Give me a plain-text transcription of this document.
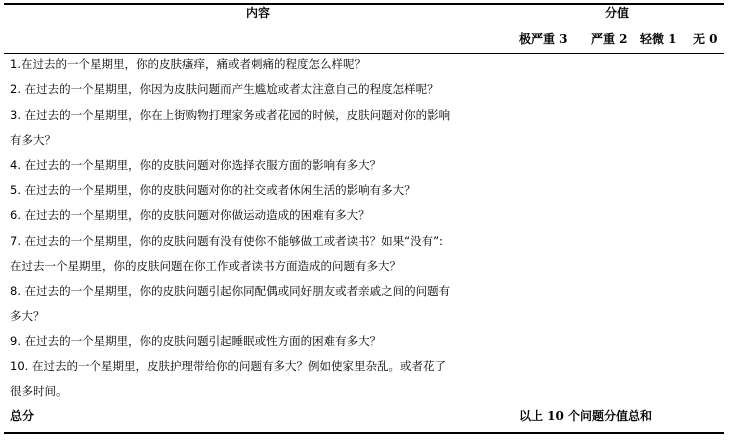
内容	分值
极严重 3 严重 2 轻微 1 无 0
1.在过去的一个星期里，你的皮肤瘙痒，痛或者刺痛的程度怎么样呢？
2. 在过去的一个星期里，你因为皮肤问题而产生尴尬或者太注意自己的程度怎样呢？
3. 在过去的一个星期里，你在上街购物打理家务或者花园的时候，皮肤问题对你的影响
有多大？
4. 在过去的一个星期里，你的皮肤问题对你选择衣服方面的影响有多大？
5. 在过去的一个星期里，你的皮肤问题对你的社交或者休闲生活的影响有多大？
6. 在过去的一个星期里，你的皮肤问题对你做运动造成的困难有多大？
7. 在过去的一个星期里，你的皮肤问题有没有使你不能够做工或者读书？如果“没有”:
在过去一个星期里，你的皮肤问题在你工作或者读书方面造成的问题有多大？
8. 在过去的一个星期里，你的皮肤问题引起你同配偶或同好朋友或者亲戚之间的问题有
多大？
9. 在过去的一个星期里，你的皮肤问题引起睡眠或性方面的困难有多大？
10. 在过去的一个星期里，皮肤护理带给你的问题有多大？例如使家里杂乱。或者花了
很多时间。
总分	以上 10 个问题分值总和
